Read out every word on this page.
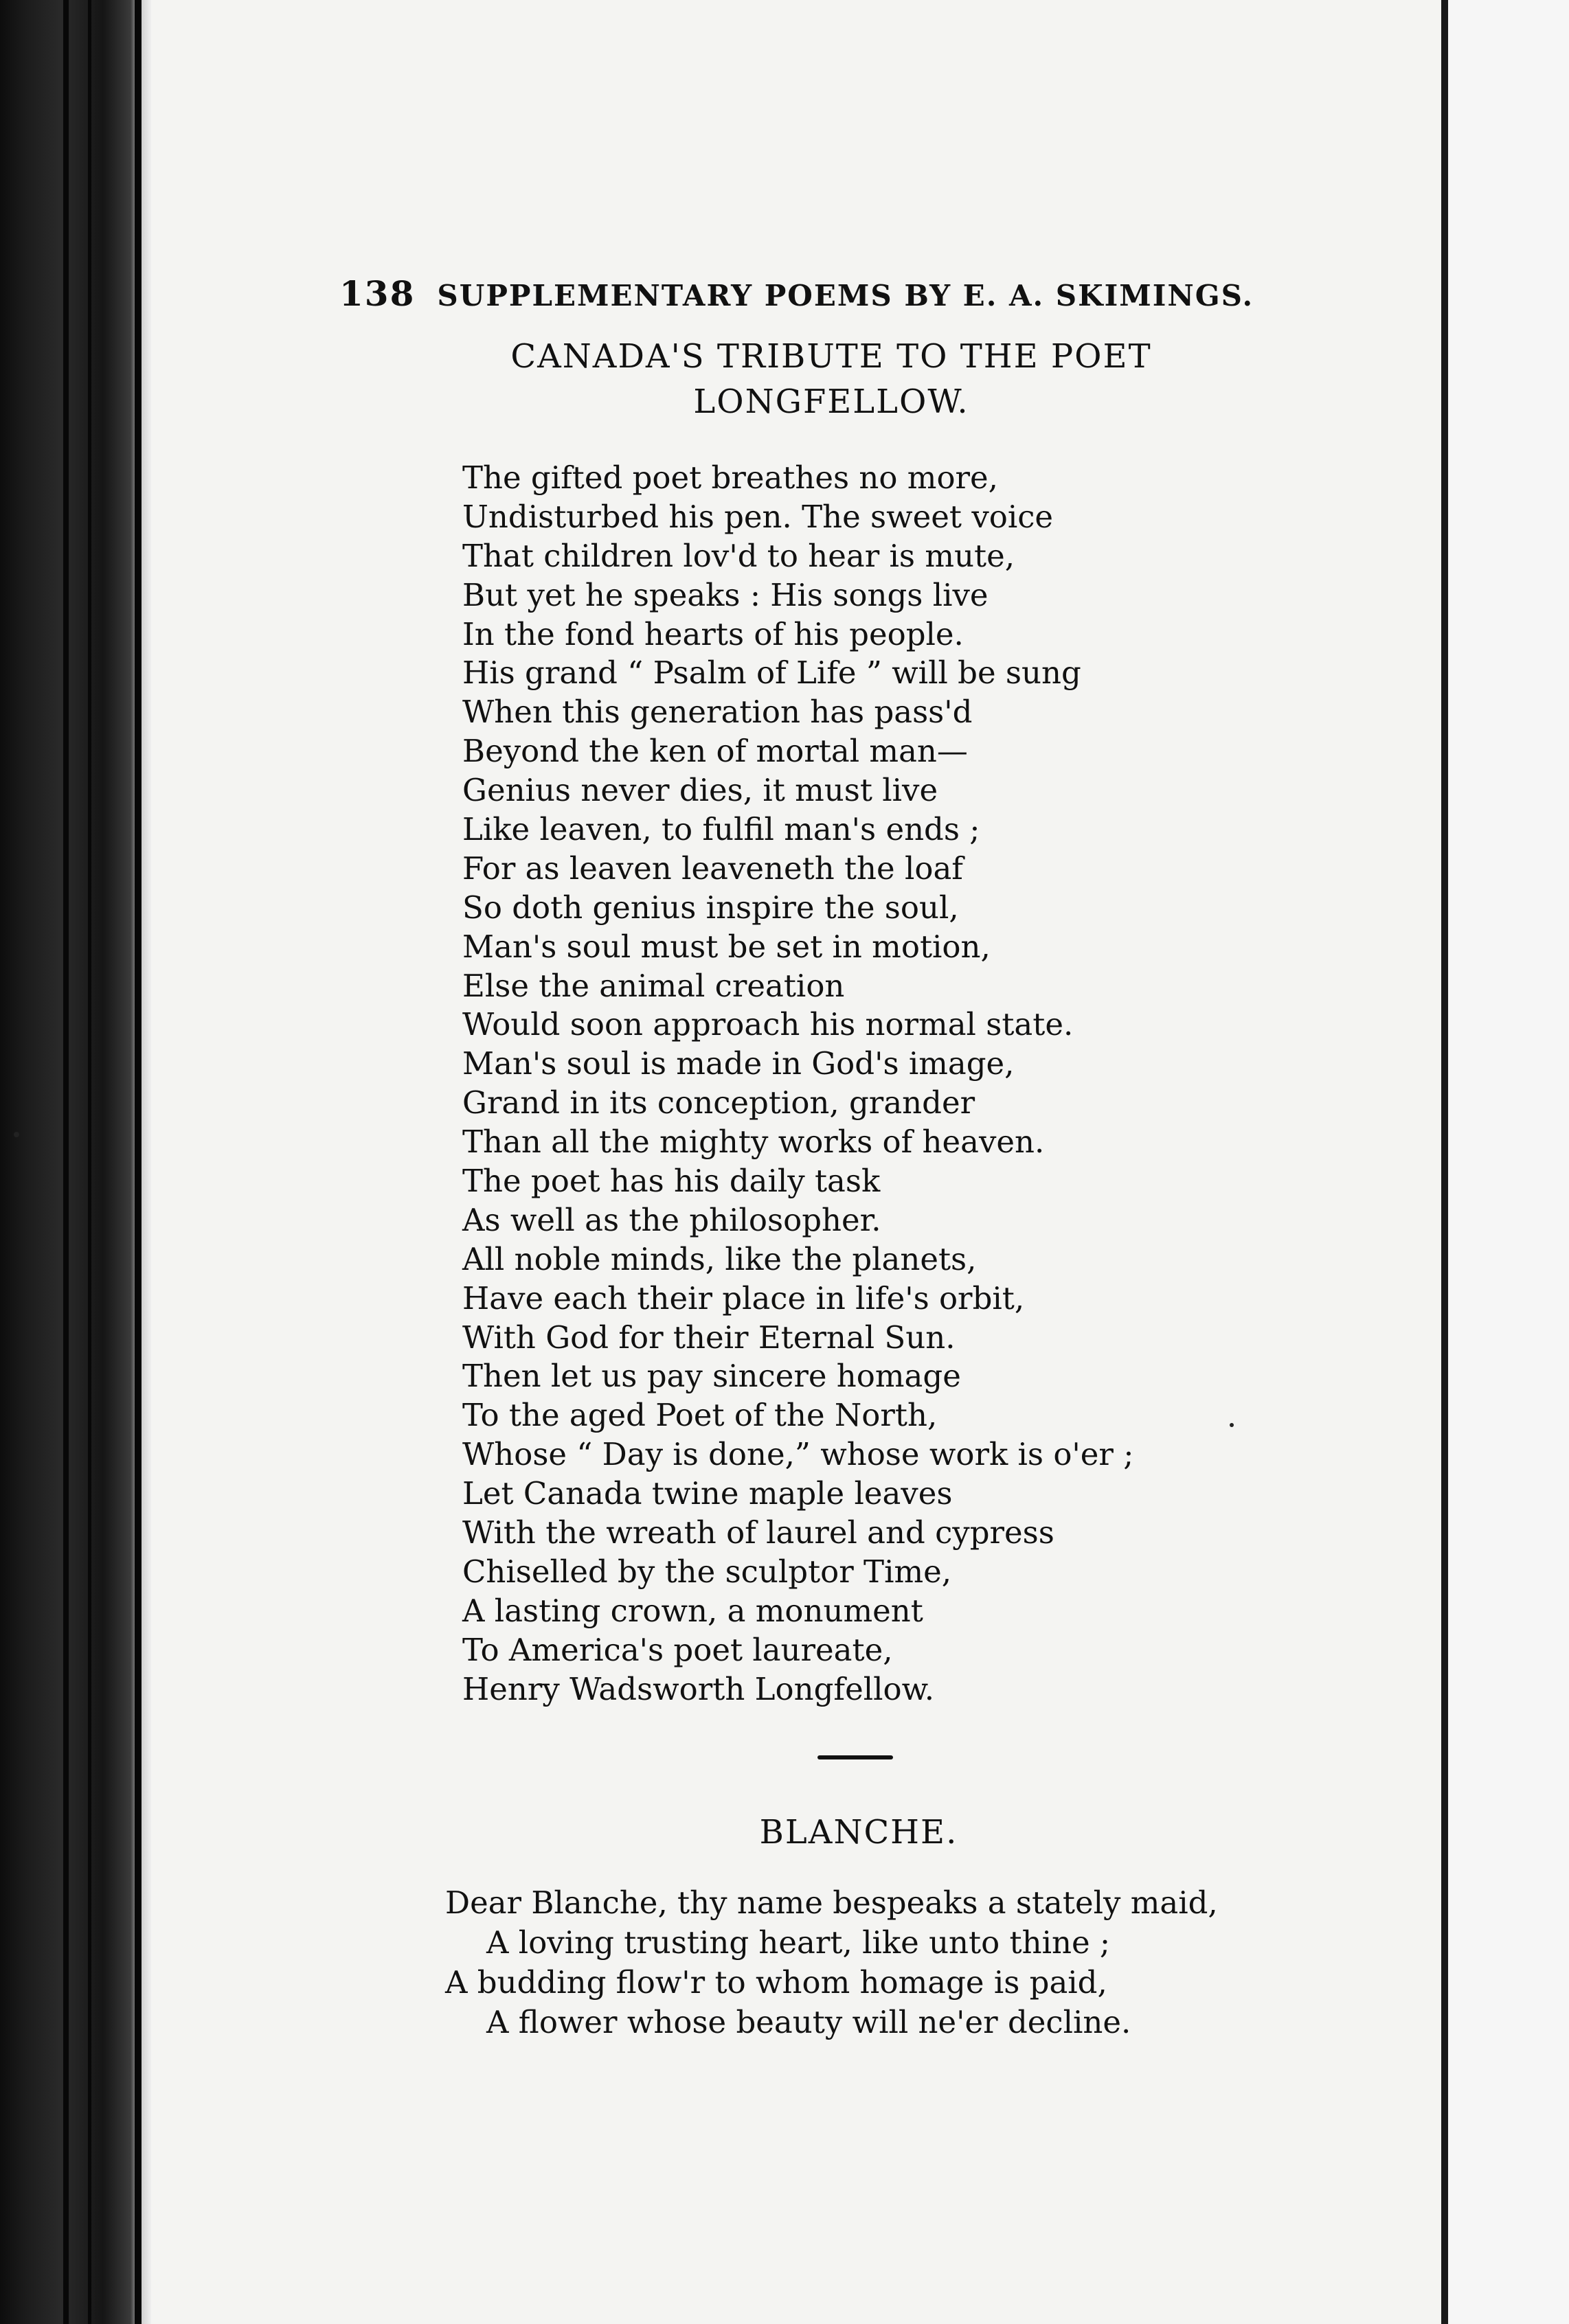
138 SUPPLEMENTARY POEMS BY E. A. SKIMINGS.
CANADA'S TRIBUTE TO THE POET
LONGFELLOW.
The gifted poet breathes no more,
Undisturbed his pen. The sweet voice
That children lov'd to hear is mute,
But yet he speaks : His songs live
In the fond hearts of his people.
His grand “ Psalm of Life ” will be sung
When this generation has pass'd
Beyond the ken of mortal man—
Genius never dies, it must live
Like leaven, to fulfil man's ends ;
For as leaven leaveneth the loaf
So doth genius inspire the soul,
Man's soul must be set in motion,
Else the animal creation
Would soon approach his normal state.
Man's soul is made in God's image,
Grand in its conception, grander
Than all the mighty works of heaven.
The poet has his daily task
As well as the philosopher.
All noble minds, like the planets,
Have each their place in life's orbit,
With God for their Eternal Sun.
Then let us pay sincere homage
To the aged Poet of the North,
Whose “ Day is done,” whose work is o'er ;
Let Canada twine maple leaves
With the wreath of laurel and cypress
Chiselled by the sculptor Time,
A lasting crown, a monument
To America's poet laureate,
Henry Wadsworth Longfellow.
BLANCHE.
Dear Blanche, thy name bespeaks a stately maid,
A loving trusting heart, like unto thine ;
A budding flow'r to whom homage is paid,
A flower whose beauty will ne'er decline.
